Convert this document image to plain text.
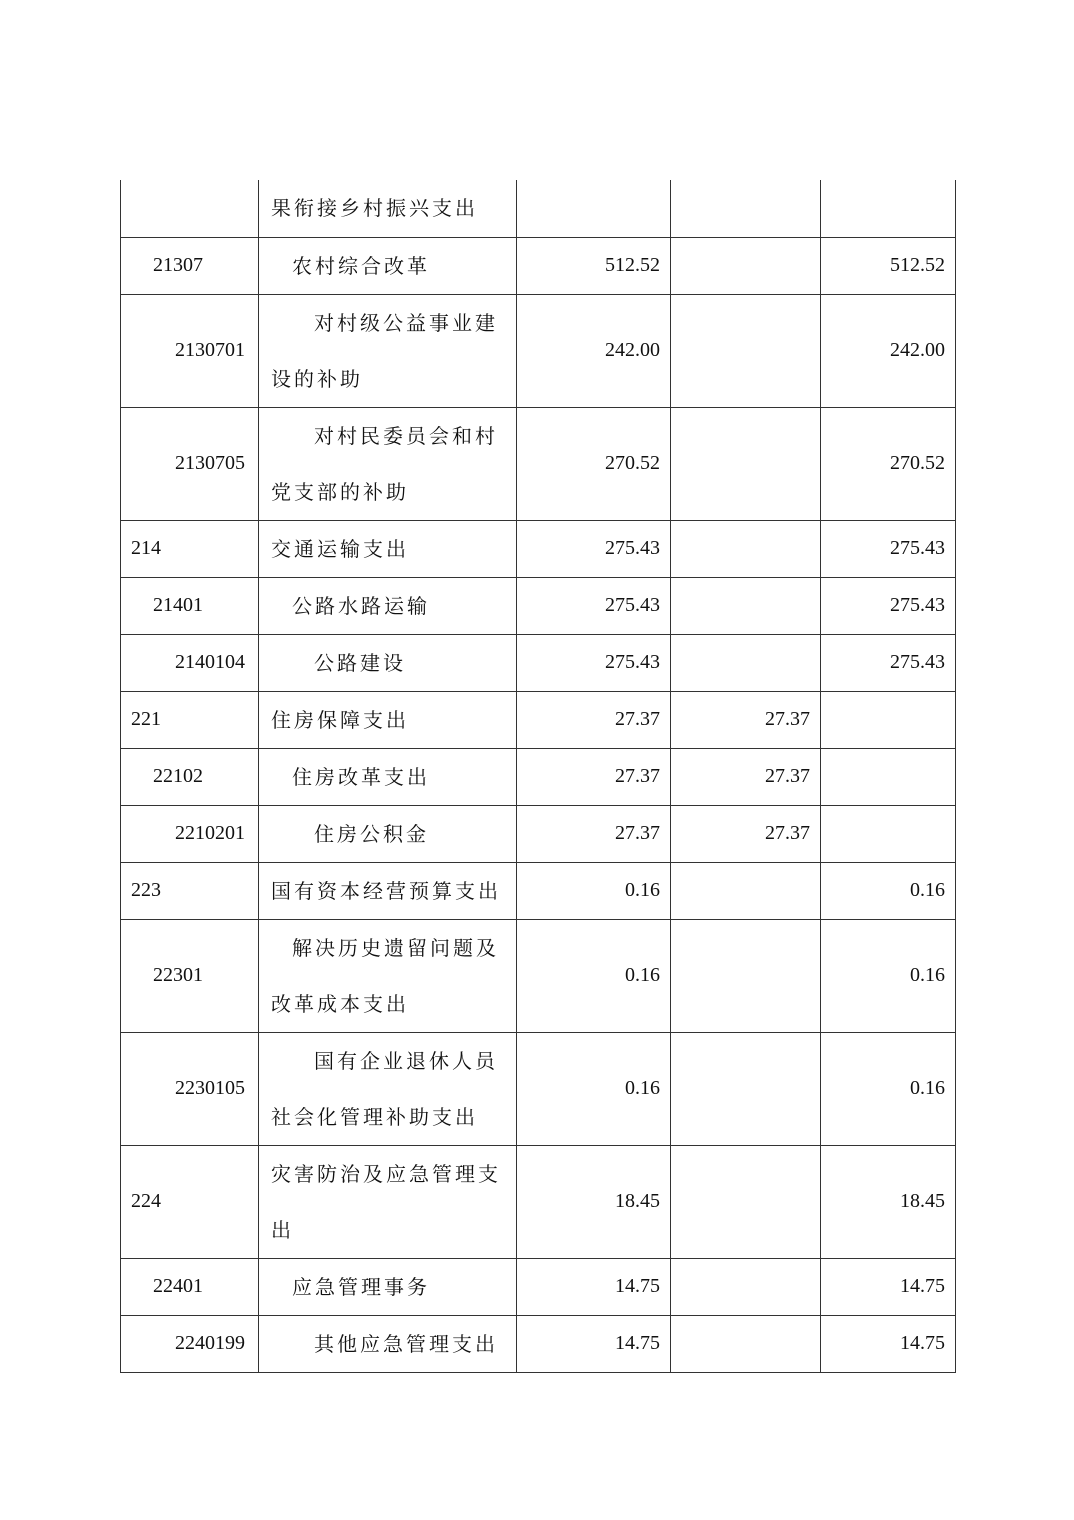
	果衔接乡村振兴支出			
21307	农村综合改革	512.52		512.52
2130701	对村级公益事业建设的补助	242.00		242.00
2130705	对村民委员会和村党支部的补助	270.52		270.52
214	交通运输支出	275.43		275.43
21401	公路水路运输	275.43		275.43
2140104	公路建设	275.43		275.43
221	住房保障支出	27.37	27.37	
22102	住房改革支出	27.37	27.37	
2210201	住房公积金	27.37	27.37	
223	国有资本经营预算支出	0.16		0.16
22301	解决历史遗留问题及改革成本支出	0.16		0.16
2230105	国有企业退休人员社会化管理补助支出	0.16		0.16
224	灾害防治及应急管理支出	18.45		18.45
22401	应急管理事务	14.75		14.75
2240199	其他应急管理支出	14.75		14.75
